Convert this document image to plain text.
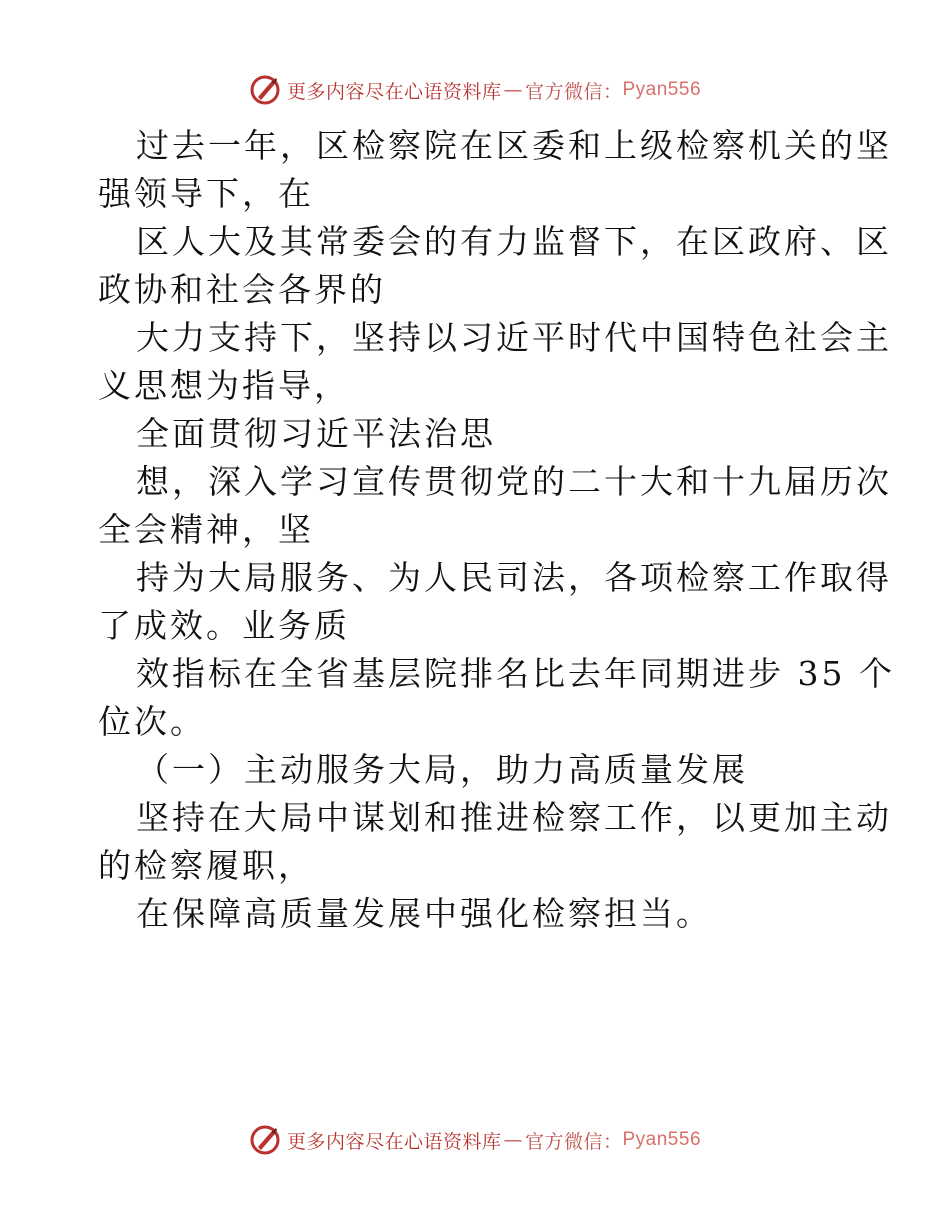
更多内容尽在心语资料库 — 官方微信： Pyan556
过去一年，区检察院在区委和上级检察机关的坚
强领导下，在
区人大及其常委会的有力监督下，在区政府、区
政协和社会各界的
大力支持下，坚持以习近平时代中国特色社会主
义思想为指导，
全面贯彻习近平法治思
想，深入学习宣传贯彻党的二十大和十九届历次
全会精神，坚
持为大局服务、为人民司法，各项检察工作取得
了成效。业务质
效指标在全省基层院排名比去年同期进步 35 个
位次。
（一）主动服务大局，助力高质量发展
坚持在大局中谋划和推进检察工作，以更加主动
的检察履职，
在保障高质量发展中强化检察担当。
更多内容尽在心语资料库 — 官方微信： Pyan556
